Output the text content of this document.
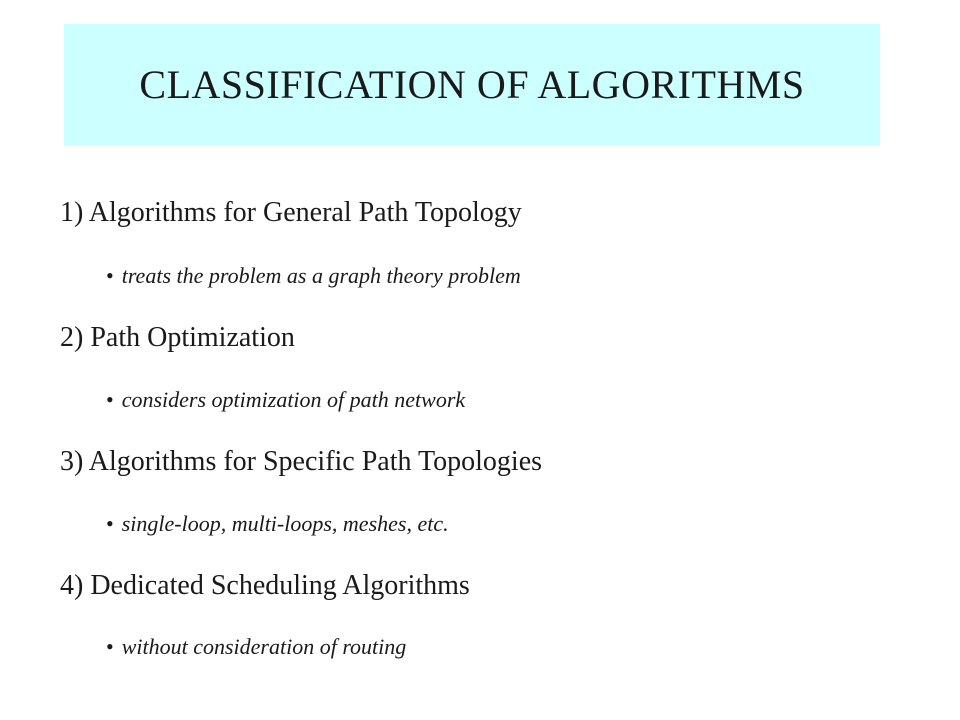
CLASSIFICATION OF ALGORITHMS
1) Algorithms for General Path Topology
• treats the problem as a graph theory problem
2) Path Optimization
• considers optimization of path network
3) Algorithms for Specific Path Topologies
• single-loop, multi-loops, meshes, etc.
4) Dedicated Scheduling Algorithms
• without consideration of routing
